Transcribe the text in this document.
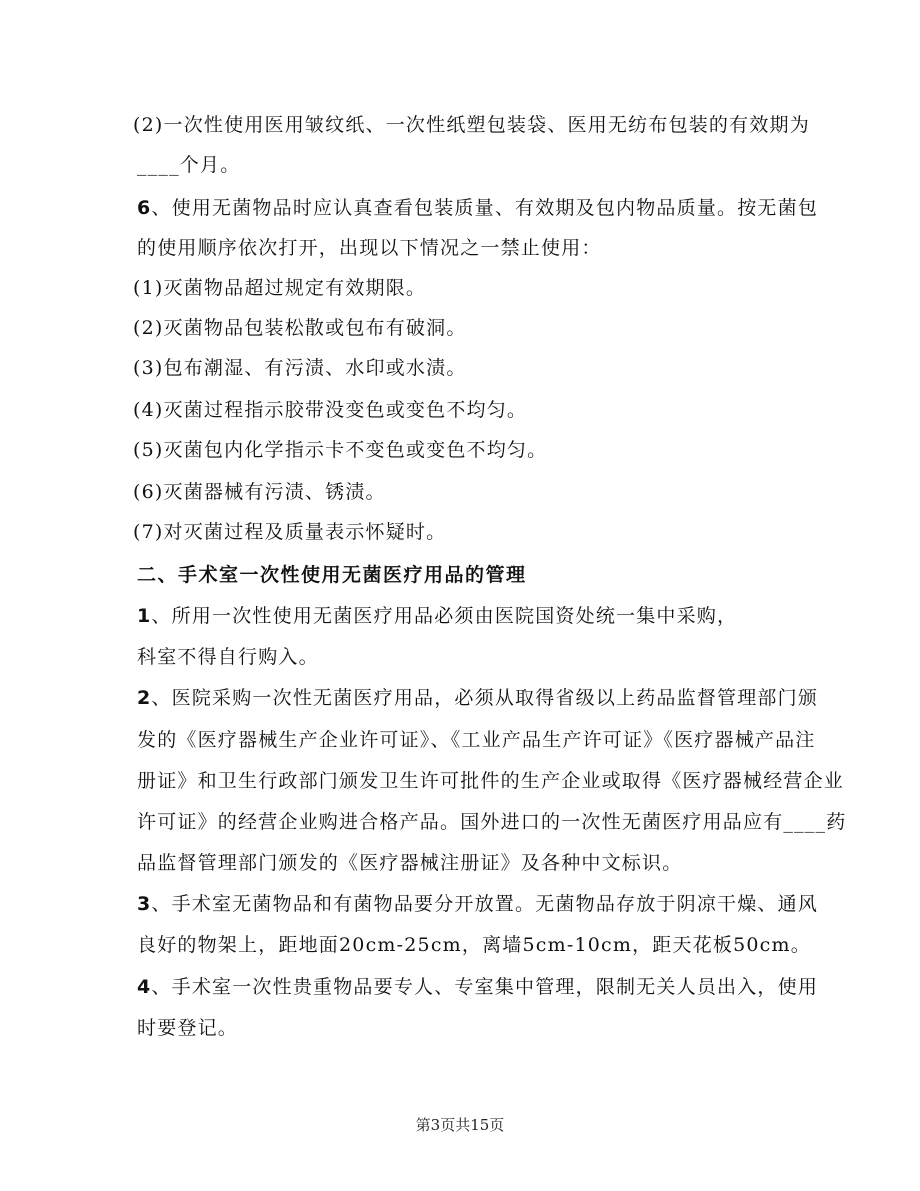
(2)一次性使用医用皱纹纸、一次性纸塑包装袋、医用无纺布包装的有效期为
____个月。
6、使用无菌物品时应认真查看包装质量、有效期及包内物品质量。按无菌包
的使用顺序依次打开，出现以下情况之一禁止使用：
(1)灭菌物品超过规定有效期限。
(2)灭菌物品包装松散或包布有破洞。
(3)包布潮湿、有污渍、水印或水渍。
(4)灭菌过程指示胶带没变色或变色不均匀。
(5)灭菌包内化学指示卡不变色或变色不均匀。
(6)灭菌器械有污渍、锈渍。
(7)对灭菌过程及质量表示怀疑时。
二、手术室一次性使用无菌医疗用品的管理
1、所用一次性使用无菌医疗用品必须由医院国资处统一集中采购，
科室不得自行购入。
2、医院采购一次性无菌医疗用品，必须从取得省级以上药品监督管理部门颁
发的《医疗器械生产企业许可证》、《工业产品生产许可证》《医疗器械产品注
册证》和卫生行政部门颁发卫生许可批件的生产企业或取得《医疗器械经营企业
许可证》的经营企业购进合格产品。国外进口的一次性无菌医疗用品应有____药
品监督管理部门颁发的《医疗器械注册证》及各种中文标识。
3、手术室无菌物品和有菌物品要分开放置。无菌物品存放于阴凉干燥、通风
良好的物架上，距地面20cm-25cm，离墙5cm-10cm，距天花板50cm。
4、手术室一次性贵重物品要专人、专室集中管理，限制无关人员出入，使用
时要登记。
第3页共15页
